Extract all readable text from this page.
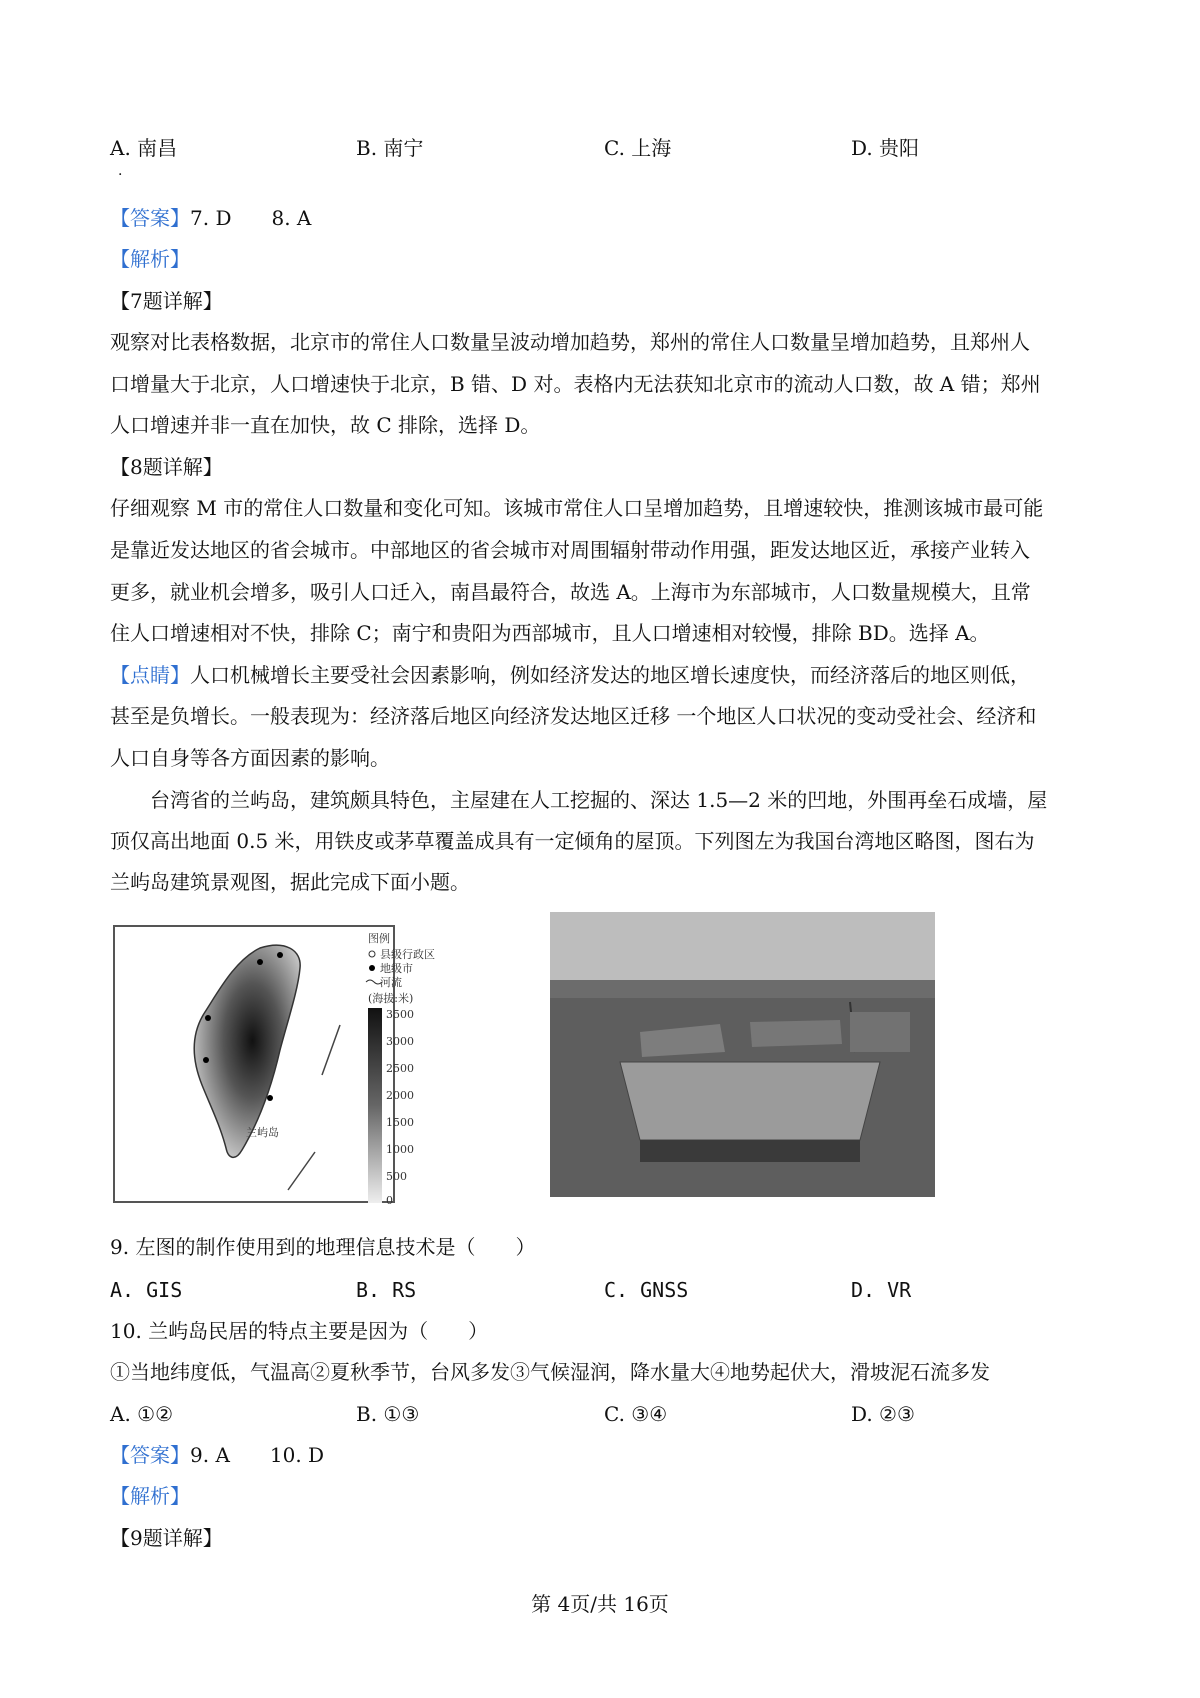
A. 南昌
·
B. 南宁	C. 上海	D. 贵阳
【答案】7. D　　8. A
【解析】
【7题详解】
观察对比表格数据，北京市的常住人口数量呈波动增加趋势，郑州的常住人口数量呈增加趋势，且郑州人
口增量大于北京，人口增速快于北京，B 错、D 对。表格内无法获知北京市的流动人口数，故 A 错；郑州
人口增速并非一直在加快，故 C 排除，选择 D。
【8题详解】
仔细观察 M 市的常住人口数量和变化可知。该城市常住人口呈增加趋势，且增速较快，推测该城市最可能
是靠近发达地区的省会城市。中部地区的省会城市对周围辐射带动作用强，距发达地区近，承接产业转入
更多，就业机会增多，吸引人口迁入，南昌最符合，故选 A。上海市为东部城市，人口数量规模大，且常
住人口增速相对不快，排除 C；南宁和贵阳为西部城市，且人口增速相对较慢，排除 BD。选择 A。
【点睛】人口机械增长主要受社会因素影响，例如经济发达的地区增长速度快，而经济落后的地区则低，
甚至是负增长。一般表现为：经济落后地区向经济发达地区迁移 一个地区人口状况的变动受社会、经济和
人口自身等各方面因素的影响。
　　台湾省的兰屿岛，建筑颇具特色，主屋建在人工挖掘的、深达 1.5—2 米的凹地，外围再垒石成墙，屋
顶仅高出地面 0.5 米，用铁皮或茅草覆盖成具有一定倾角的屋顶。下列图左为我国台湾地区略图，图右为
兰屿岛建筑景观图，据此完成下面小题。
兰屿岛
图例
县级行政区
地级市
河流
(海拔:米)
3500
3000
2500
2000
1500
1000
500
0
9. 左图的制作使用到的地理信息技术是（　　）
A. GIS	B. RS	C. GNSS	D. VR
10. 兰屿岛民居的特点主要是因为（　　）
①当地纬度低，气温高②夏秋季节，台风多发③气候湿润，降水量大④地势起伏大，滑坡泥石流多发
A. ①②	B. ①③	C. ③④	D. ②③
【答案】9. A　　10. D
【解析】
【9题详解】
第 4页/共 16页
